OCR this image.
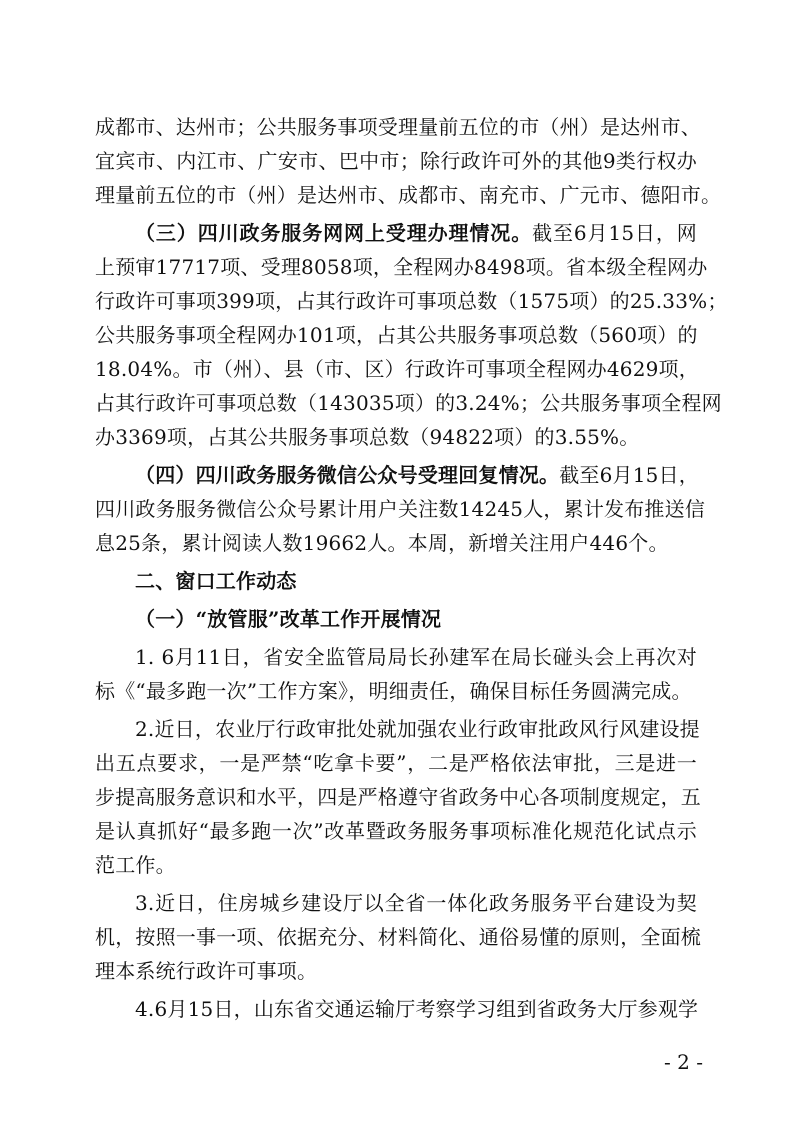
成都市、达州市；公共服务事项受理量前五位的市（州）是达州市、
宜宾市、内江市、广安市、巴中市；除行政许可外的其他9类行权办
理量前五位的市（州）是达州市、成都市、南充市、广元市、德阳市。
（三）四川政务服务网网上受理办理情况。截至6月15日，网
上预审17717项、受理8058项，全程网办8498项。省本级全程网办
行政许可事项399项，占其行政许可事项总数（1575项）的25.33%；
公共服务事项全程网办101项，占其公共服务事项总数（560项）的
18.04%。市（州）、县（市、区）行政许可事项全程网办4629项，
占其行政许可事项总数（143035项）的3.24%；公共服务事项全程网
办3369项，占其公共服务事项总数（94822项）的3.55%。
（四）四川政务服务微信公众号受理回复情况。截至6月15日，
四川政务服务微信公众号累计用户关注数14245人，累计发布推送信
息25条，累计阅读人数19662人。本周，新增关注用户446个。
二、窗口工作动态
（一）“放管服”改革工作开展情况
1. 6月11日，省安全监管局局长孙建军在局长碰头会上再次对
标《“最多跑一次”工作方案》，明细责任，确保目标任务圆满完成。
2.近日，农业厅行政审批处就加强农业行政审批政风行风建设提
出五点要求，一是严禁“吃拿卡要”，二是严格依法审批，三是进一
步提高服务意识和水平，四是严格遵守省政务中心各项制度规定，五
是认真抓好“最多跑一次”改革暨政务服务事项标准化规范化试点示
范工作。
3.近日，住房城乡建设厅以全省一体化政务服务平台建设为契
机，按照一事一项、依据充分、材料简化、通俗易懂的原则，全面梳
理本系统行政许可事项。
4.6月15日，山东省交通运输厅考察学习组到省政务大厅参观学
- 2 -
